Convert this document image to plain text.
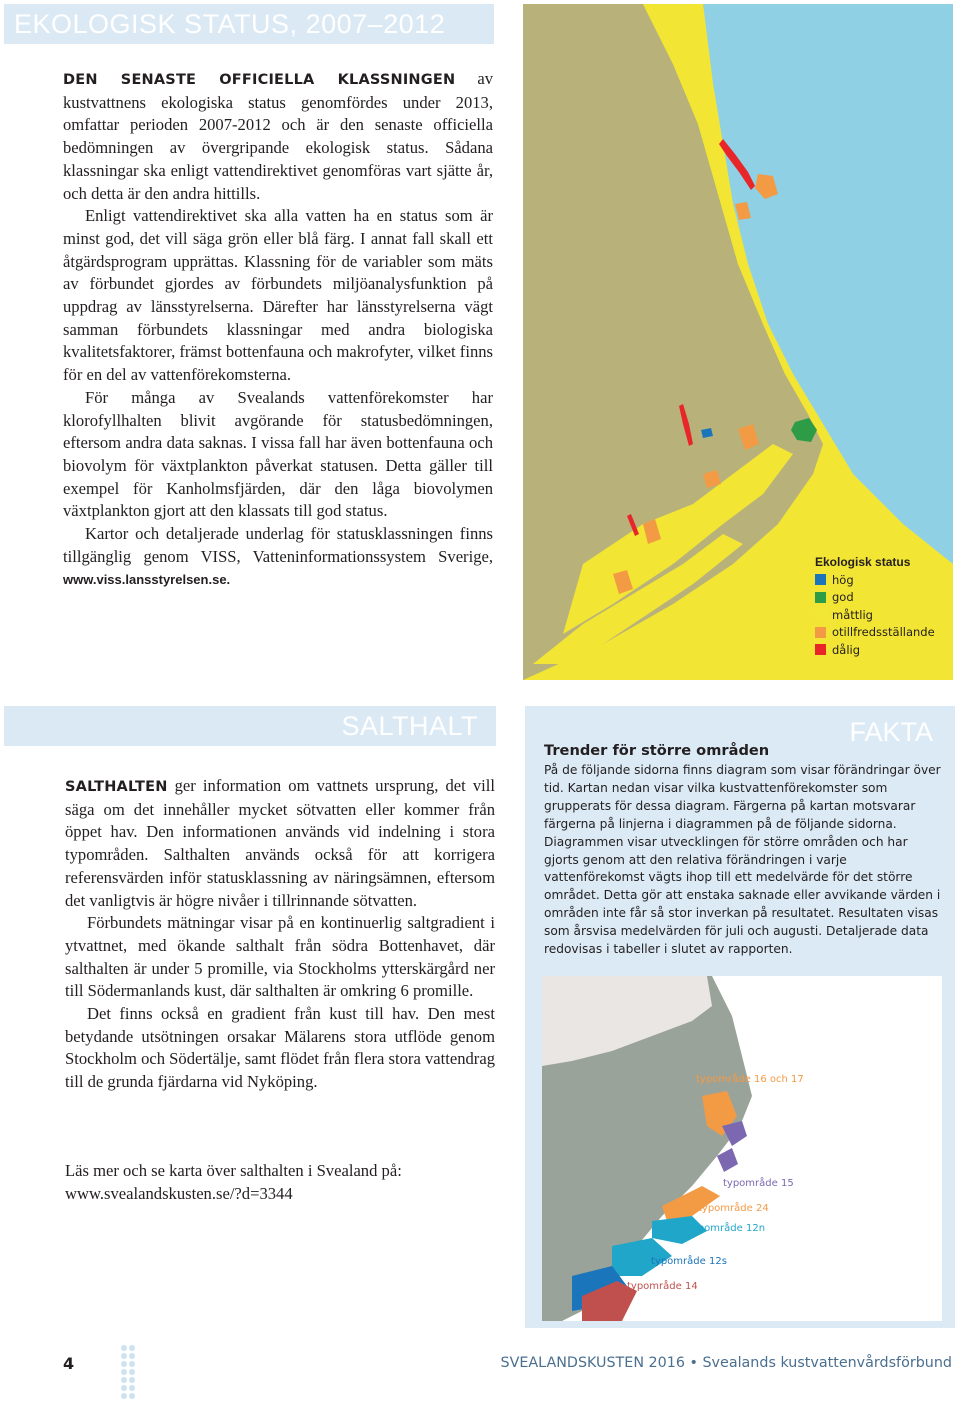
EKOLOGISK STATUS, 2007–2012

DEN SENASTE OFFICIELLA KLASSNINGEN av kustvattnens ekologiska status genomfördes under 2013, omfattar perioden 2007-2012 och är den senaste officiella bedömningen av övergripande ekologisk status. Sådana klassningar ska enligt vattendirektivet genomföras vart sjätte år, och detta är den andra hittills.

Enligt vattendirektivet ska alla vatten ha en status som är minst god, det vill säga grön eller blå färg. I annat fall skall ett åtgärdsprogram upprättas. Klassning för de variabler som mäts av förbundet gjordes av förbundets miljöanalysfunktion på uppdrag av länsstyrelserna. Därefter har länsstyrelserna vägt samman förbundets klassningar med andra biologiska kvalitetsfaktorer, främst bottenfauna och makrofyter, vilket finns för en del av vattenförekomsterna.

För många av Svealands vattenförekomster har klorofyllhalten blivit avgörande för statusbedömningen, eftersom andra data saknas. I vissa fall har även bottenfauna och biovolym för växtplankton påverkat statusen. Detta gäller till exempel för Kanholmsfjärden, där den låga biovolymen växtplankton gjort att den klassats till god status.

Kartor och detaljerade underlag för statusklassningen finns tillgänglig genom VISS, Vatteninformationssystem Sverige, www.viss.lansstyrelsen.se.

Ekologisk status
hög
god
måttlig
otillfredsställande
dålig
SALTHALT

SALTHALTEN ger information om vattnets ursprung, det vill säga om det innehåller mycket sötvatten eller kommer från öppet hav. Den informationen används vid indelning i stora typområden. Salthalten används också för att korrigera referensvärden inför statusklassning av näringsämnen, eftersom det vanligtvis är högre nivåer i tillrinnande sötvatten.

Förbundets mätningar visar på en kontinuerlig saltgradient i ytvattnet, med ökande salthalt från södra Bottenhavet, där salthalten är under 5 promille, via Stockholms ytterskärgård ner till Södermanlands kust, där salthalten är omkring 6 promille.

Det finns också en gradient från kust till hav. Den mest betydande utsötningen orsakar Mälarens stora utflöde genom Stockholm och Södertälje, samt flödet från flera stora vattendrag till de grunda fjärdarna vid Nyköping.

Läs mer och se karta över salthalten i Svealand på:

www.svealandskusten.se/?d=3344

FAKTA
Trender för större områden
På de följande sidorna finns diagram som visar förändringar över tid. Kartan nedan visar vilka kustvattenförekomster som grupperats för dessa diagram. Färgerna på kartan motsvarar färgerna på linjerna i diagrammen på de följande sidorna. Diagrammen visar utvecklingen för större områden och har gjorts genom att den relativa förändringen i varje vattenförekomst vägts ihop till ett medelvärde för det större området. Detta gör att enstaka saknade eller avvikande värden i områden inte får så stor inverkan på resultatet. Resultaten visas som årsvisa medelvärden för juli och augusti. Detaljerade data redovisas i tabeller i slutet av rapporten.
typområde 16 och 17
typområde 15
typområde 24
typområde 12n
typområde 12s
typområde 14
4	SVEALANDSKUSTEN 2016 • Svealands kustvattenvårdsförbund
